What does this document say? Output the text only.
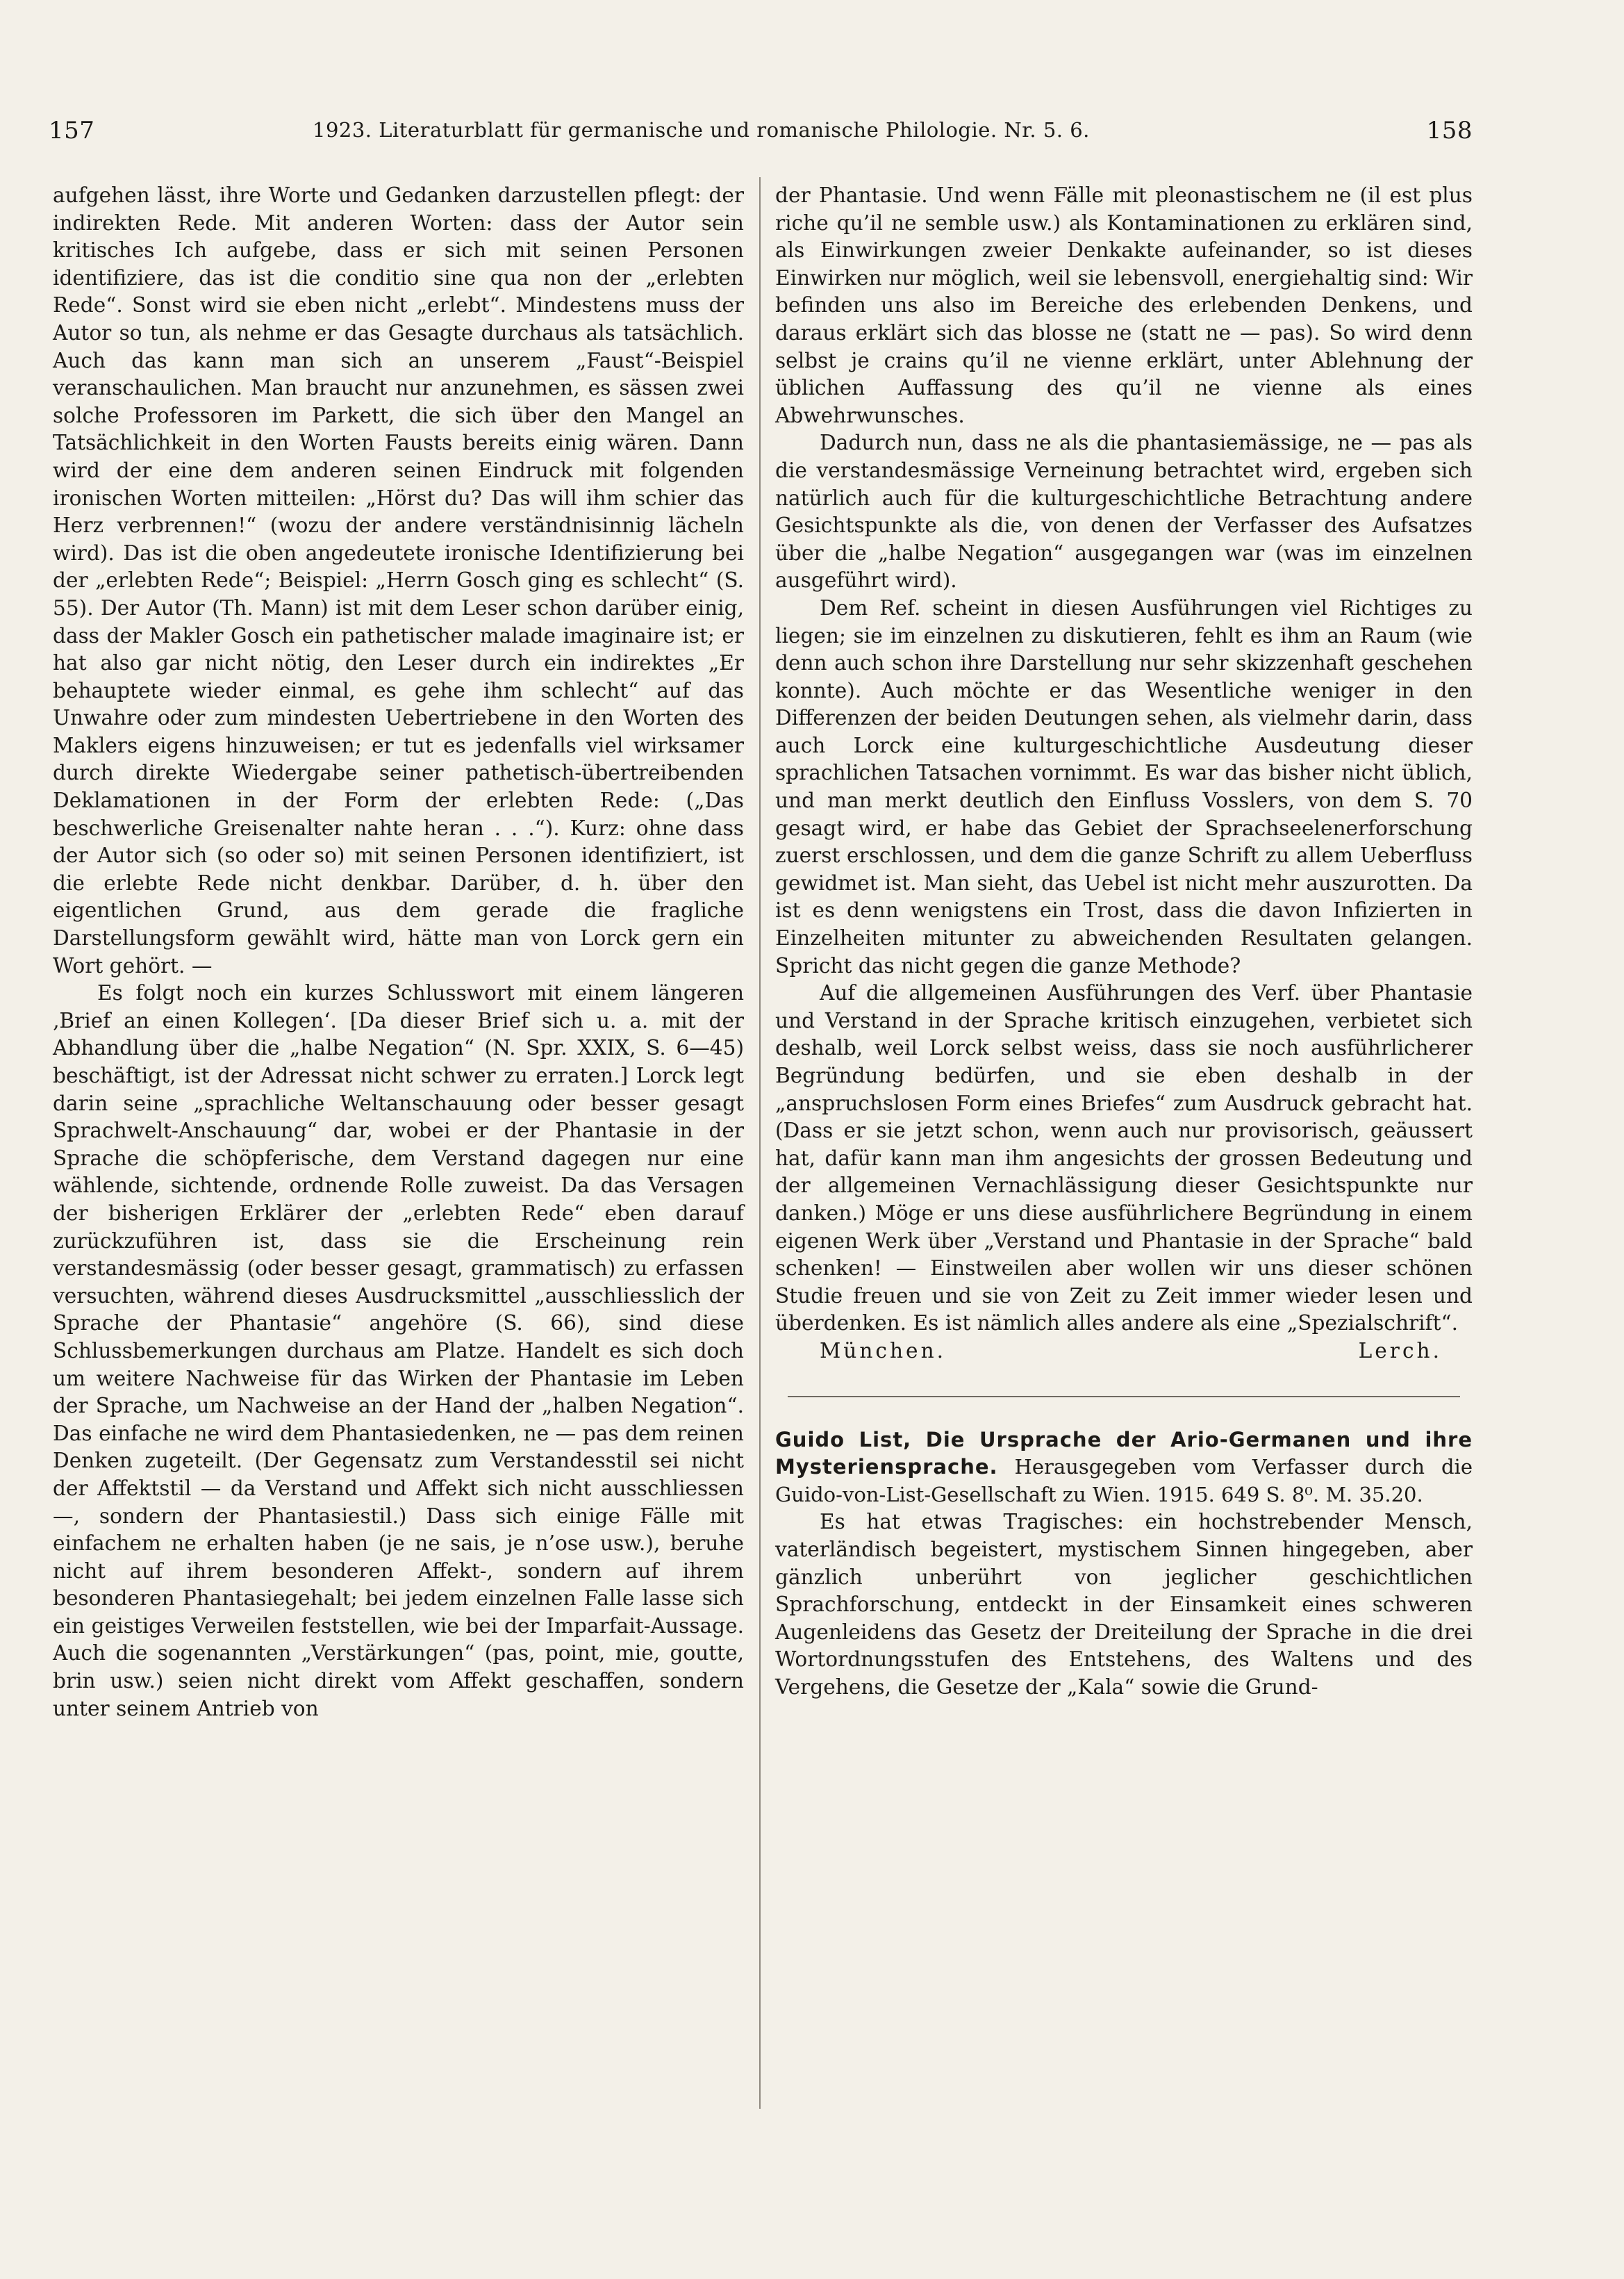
157	1923. Literaturblatt für germanische und romanische Philologie. Nr. 5. 6.	158

aufgehen lässt, ihre Worte und Gedanken darzustellen pflegt: der indirekten Rede. Mit anderen Worten: dass der Autor sein kritisches Ich aufgebe, dass er sich mit seinen Personen identifiziere, das ist die conditio sine qua non der „erlebten Rede“. Sonst wird sie eben nicht „erlebt“. Mindestens muss der Autor so tun, als nehme er das Gesagte durchaus als tatsächlich. Auch das kann man sich an unserem „Faust“-Beispiel veranschaulichen. Man braucht nur anzunehmen, es sässen zwei solche Professoren im Parkett, die sich über den Mangel an Tatsächlichkeit in den Worten Fausts bereits einig wären. Dann wird der eine dem anderen seinen Eindruck mit folgenden ironischen Worten mitteilen: „Hörst du? Das will ihm schier das Herz verbrennen!“ (wozu der andere verständnisinnig lächeln wird). Das ist die oben angedeutete ironische Identifizierung bei der „erlebten Rede“; Beispiel: „Herrn Gosch ging es schlecht“ (S. 55). Der Autor (Th. Mann) ist mit dem Leser schon darüber einig, dass der Makler Gosch ein pathetischer malade imaginaire ist; er hat also gar nicht nötig, den Leser durch ein indirektes „Er behauptete wieder einmal, es gehe ihm schlecht“ auf das Unwahre oder zum mindesten Uebertriebene in den Worten des Maklers eigens hinzuweisen; er tut es jedenfalls viel wirksamer durch direkte Wiedergabe seiner pathetisch-übertreibenden Deklamationen in der Form der erlebten Rede: („Das beschwerliche Greisenalter nahte heran . . .“). Kurz: ohne dass der Autor sich (so oder so) mit seinen Personen identifiziert, ist die erlebte Rede nicht denkbar. Darüber, d. h. über den eigentlichen Grund, aus dem gerade die fragliche Darstellungsform gewählt wird, hätte man von Lorck gern ein Wort gehört. —

Es folgt noch ein kurzes Schlusswort mit einem längeren ‚Brief an einen Kollegen‘. [Da dieser Brief sich u. a. mit der Abhandlung über die „halbe Negation“ (N. Spr. XXIX, S. 6—45) beschäftigt, ist der Adressat nicht schwer zu erraten.] Lorck legt darin seine „sprachliche Weltanschauung oder besser gesagt Sprachwelt-Anschauung“ dar, wobei er der Phantasie in der Sprache die schöpferische, dem Verstand dagegen nur eine wählende, sichtende, ordnende Rolle zuweist. Da das Versagen der bisherigen Erklärer der „erlebten Rede“ eben darauf zurückzuführen ist, dass sie die Erscheinung rein verstandesmässig (oder besser gesagt, grammatisch) zu erfassen versuchten, während dieses Ausdrucksmittel „ausschliesslich der Sprache der Phantasie“ angehöre (S. 66), sind diese Schlussbemerkungen durchaus am Platze. Handelt es sich doch um weitere Nachweise für das Wirken der Phantasie im Leben der Sprache, um Nachweise an der Hand der „halben Negation“. Das einfache ne wird dem Phantasiedenken, ne — pas dem reinen Denken zugeteilt. (Der Gegensatz zum Verstandesstil sei nicht der Affektstil — da Verstand und Affekt sich nicht ausschliessen —, sondern der Phantasiestil.) Dass sich einige Fälle mit einfachem ne erhalten haben (je ne sais, je n’ose usw.), beruhe nicht auf ihrem besonderen Affekt-, sondern auf ihrem besonderen Phantasiegehalt; bei jedem einzelnen Falle lasse sich ein geistiges Verweilen feststellen, wie bei der Imparfait-Aussage. Auch die sogenannten „Verstärkungen“ (pas, point, mie, goutte, brin usw.) seien nicht direkt vom Affekt geschaffen, sondern unter seinem Antrieb von

der Phantasie. Und wenn Fälle mit pleonastischem ne (il est plus riche qu’il ne semble usw.) als Kontaminationen zu erklären sind, als Einwirkungen zweier Denkakte aufeinander, so ist dieses Einwirken nur möglich, weil sie lebensvoll, energiehaltig sind: Wir befinden uns also im Bereiche des erlebenden Denkens, und daraus erklärt sich das blosse ne (statt ne — pas). So wird denn selbst je crains qu’il ne vienne erklärt, unter Ablehnung der üblichen Auffassung des qu’il ne vienne als eines Abwehrwunsches.

Dadurch nun, dass ne als die phantasiemässige, ne — pas als die verstandesmässige Verneinung betrachtet wird, ergeben sich natürlich auch für die kulturgeschichtliche Betrachtung andere Gesichtspunkte als die, von denen der Verfasser des Aufsatzes über die „halbe Negation“ ausgegangen war (was im einzelnen ausgeführt wird).

Dem Ref. scheint in diesen Ausführungen viel Richtiges zu liegen; sie im einzelnen zu diskutieren, fehlt es ihm an Raum (wie denn auch schon ihre Darstellung nur sehr skizzenhaft geschehen konnte). Auch möchte er das Wesentliche weniger in den Differenzen der beiden Deutungen sehen, als vielmehr darin, dass auch Lorck eine kulturgeschichtliche Ausdeutung dieser sprachlichen Tatsachen vornimmt. Es war das bisher nicht üblich, und man merkt deutlich den Einfluss Vosslers, von dem S. 70 gesagt wird, er habe das Gebiet der Sprachseelenerforschung zuerst erschlossen, und dem die ganze Schrift zu allem Ueberfluss gewidmet ist. Man sieht, das Uebel ist nicht mehr auszurotten. Da ist es denn wenigstens ein Trost, dass die davon Infizierten in Einzelheiten mitunter zu abweichenden Resultaten gelangen. Spricht das nicht gegen die ganze Methode?

Auf die allgemeinen Ausführungen des Verf. über Phantasie und Verstand in der Sprache kritisch einzugehen, verbietet sich deshalb, weil Lorck selbst weiss, dass sie noch ausführlicherer Begründung bedürfen, und sie eben deshalb in der „anspruchslosen Form eines Briefes“ zum Ausdruck gebracht hat. (Dass er sie jetzt schon, wenn auch nur provisorisch, geäussert hat, dafür kann man ihm angesichts der grossen Bedeutung und der allgemeinen Vernachlässigung dieser Gesichtspunkte nur danken.) Möge er uns diese ausführlichere Begründung in einem eigenen Werk über „Verstand und Phantasie in der Sprache“ bald schenken! — Einstweilen aber wollen wir uns dieser schönen Studie freuen und sie von Zeit zu Zeit immer wieder lesen und überdenken. Es ist nämlich alles andere als eine „Spezialschrift“.

München.	Lerch.

Guido List, Die Ursprache der Ario-Germanen und ihre Mysteriensprache. Herausgegeben vom Verfasser durch die Guido-von-List-Gesellschaft zu Wien. 1915. 649 S. 8⁰. M. 35.20.

Es hat etwas Tragisches: ein hochstrebender Mensch, vaterländisch begeistert, mystischem Sinnen hingegeben, aber gänzlich unberührt von jeglicher geschichtlichen Sprachforschung, entdeckt in der Einsamkeit eines schweren Augenleidens das Gesetz der Dreiteilung der Sprache in die drei Wortordnungsstufen des Entstehens, des Waltens und des Vergehens, die Gesetze der „Kala“ sowie die Grund-
